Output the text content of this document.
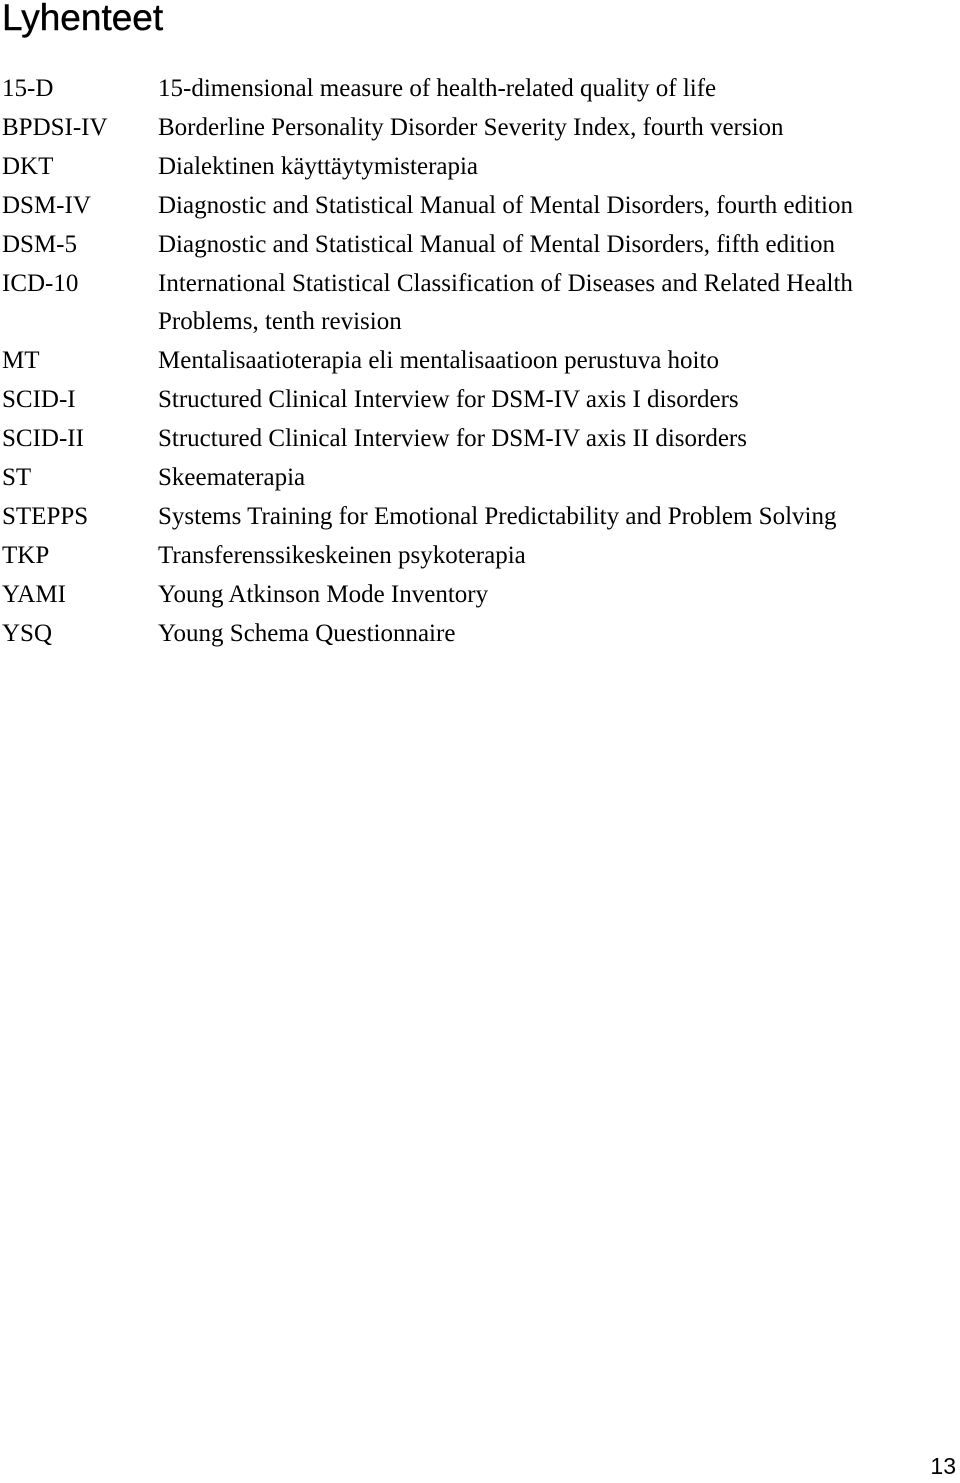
Lyhenteet
15-D	15-dimensional measure of health-related quality of life
BPDSI-IV	Borderline Personality Disorder Severity Index, fourth version
DKT	Dialektinen käyttäytymisterapia
DSM-IV	Diagnostic and Statistical Manual of Mental Disorders, fourth edition
DSM-5	Diagnostic and Statistical Manual of Mental Disorders, fifth edition
ICD-10	International Statistical Classification of Diseases and Related Health Problems, tenth revision
MT	Mentalisaatioterapia eli mentalisaatioon perustuva hoito
SCID-I	Structured Clinical Interview for DSM-IV axis I disorders
SCID-II	Structured Clinical Interview for DSM-IV axis II disorders
ST	Skeematerapia
STEPPS	Systems Training for Emotional Predictability and Problem Solving
TKP	Transferenssikeskeinen psykoterapia
YAMI	Young Atkinson Mode Inventory
YSQ	Young Schema Questionnaire
13
